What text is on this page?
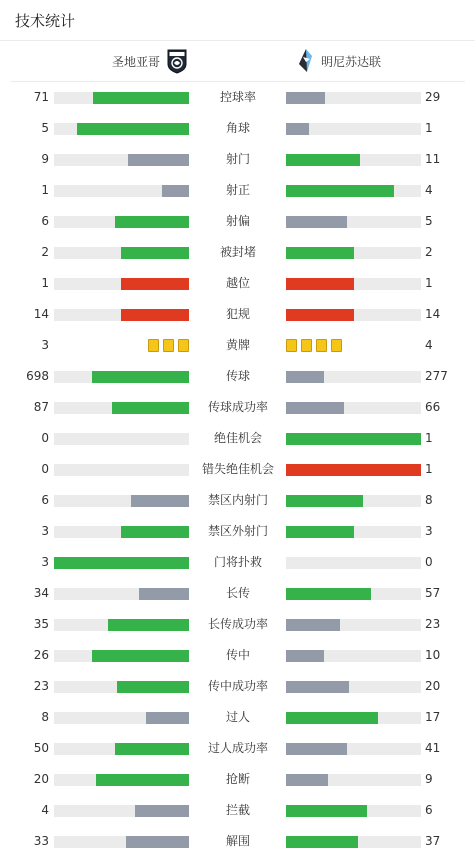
技术统计
圣地亚哥	明尼苏达联
71	控球率	29
5	角球	1
9	射门	11
1	射正	4
6	射偏	5
2	被封堵	2
1	越位	1
14	犯规	14
3	黄牌	4
698	传球	277
87	传球成功率	66
0	绝佳机会	1
0	错失绝佳机会	1
6	禁区内射门	8
3	禁区外射门	3
3	门将扑救	0
34	长传	57
35	长传成功率	23
26	传中	10
23	传中成功率	20
8	过人	17
50	过人成功率	41
20	抢断	9
4	拦截	6
33	解围	37
